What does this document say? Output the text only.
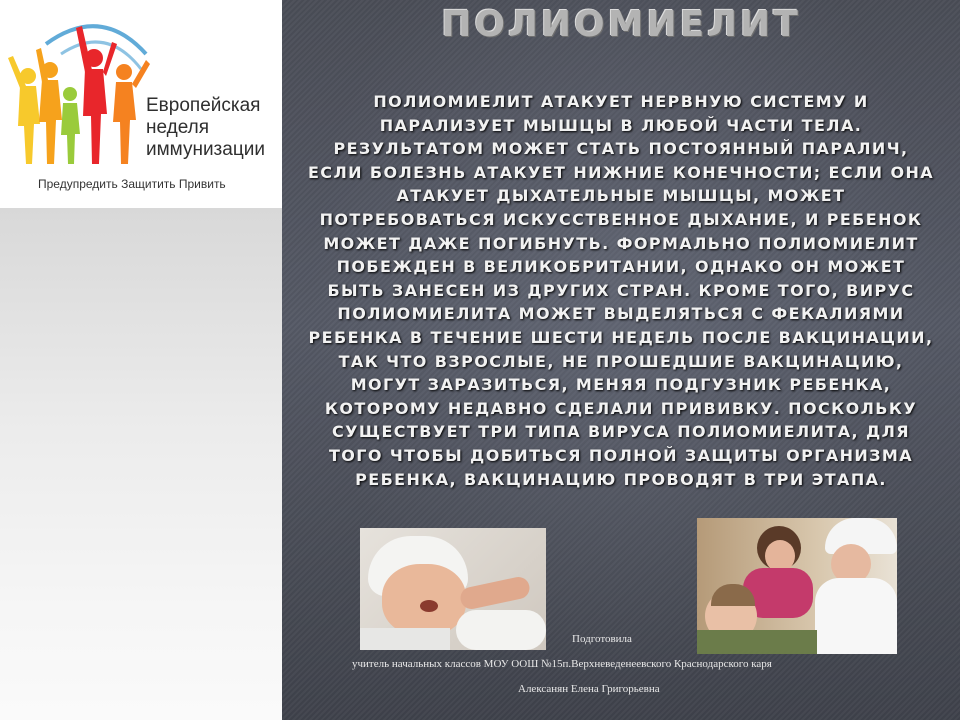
Европейская
неделя
иммунизации
Предупредить Защитить Привить
ПОЛИОМИЕЛИТ

ПОЛИОМИЕЛИТ АТАКУЕТ НЕРВНУЮ СИСТЕМУ И ПАРАЛИЗУЕТ МЫШЦЫ В ЛЮБОЙ ЧАСТИ ТЕЛА. РЕЗУЛЬТАТОМ МОЖЕТ СТАТЬ ПОСТОЯННЫЙ ПАРАЛИЧ, ЕСЛИ БОЛЕЗНЬ АТАКУЕТ НИЖНИЕ КОНЕЧНОСТИ; ЕСЛИ ОНА АТАКУЕТ ДЫХАТЕЛЬНЫЕ МЫШЦЫ, МОЖЕТ ПОТРЕБОВАТЬСЯ ИСКУССТВЕННОЕ ДЫХАНИЕ, И РЕБЕНОК МОЖЕТ ДАЖЕ ПОГИБНУТЬ. ФОРМАЛЬНО ПОЛИОМИЕЛИТ ПОБЕЖДЕН В ВЕЛИКОБРИТАНИИ, ОДНАКО ОН МОЖЕТ БЫТЬ ЗАНЕСЕН ИЗ ДРУГИХ СТРАН. КРОМЕ ТОГО, ВИРУС ПОЛИОМИЕЛИТА МОЖЕТ ВЫДЕЛЯТЬСЯ С ФЕКАЛИЯМИ РЕБЕНКА В ТЕЧЕНИЕ ШЕСТИ НЕДЕЛЬ ПОСЛЕ ВАКЦИНАЦИИ, ТАК ЧТО ВЗРОСЛЫЕ, НЕ ПРОШЕДШИЕ ВАКЦИНАЦИЮ, МОГУТ ЗАРАЗИТЬСЯ, МЕНЯЯ ПОДГУЗНИК РЕБЕНКА, КОТОРОМУ НЕДАВНО СДЕЛАЛИ ПРИВИВКУ. ПОСКОЛЬКУ СУЩЕСТВУЕТ ТРИ ТИПА ВИРУСА ПОЛИОМИЕЛИТА, ДЛЯ ТОГО ЧТОБЫ ДОБИТЬСЯ ПОЛНОЙ ЗАЩИТЫ ОРГАНИЗМА РЕБЕНКА, ВАКЦИНАЦИЮ ПРОВОДЯТ В ТРИ ЭТАПА.

Подготовила
учитель начальных классов МОУ ООШ №15п.Верхневеденеевского Краснодарского каря
Алексанян Елена Григорьевна
